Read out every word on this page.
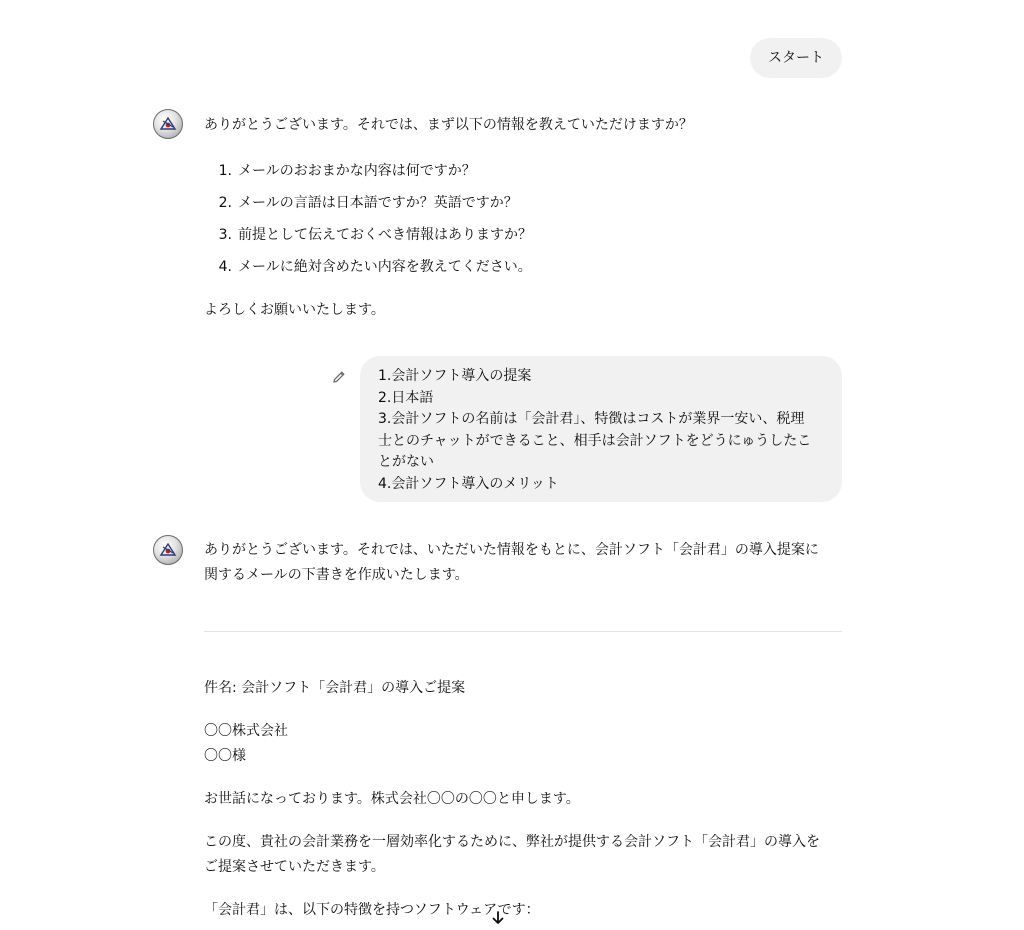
スタート

ありがとうございます。それでは、まず以下の情報を教えていただけますか？

1. メールのおおまかな内容は何ですか？
2. メールの言語は日本語ですか？英語ですか？
3. 前提として伝えておくべき情報はありますか？
4. メールに絶対含めたい内容を教えてください。

よろしくお願いいたします。

1.会計ソフト導入の提案
2.日本語
3.会計ソフトの名前は「会計君」、特徴はコストが業界一安い、税理
士とのチャットができること、相手は会計ソフトをどうにゅうしたこ
とがない
4.会計ソフト導入のメリット
ありがとうございます。それでは、いただいた情報をもとに、会計ソフト「会計君」の導入提案に
関するメールの下書きを作成いたします。
件名: 会計ソフト「会計君」の導入ご提案
〇〇株式会社
〇〇様
お世話になっております。株式会社〇〇の〇〇と申します。
この度、貴社の会計業務を一層効率化するために、弊社が提供する会計ソフト「会計君」の導入を
ご提案させていただきます。
「会計君」は、以下の特徴を持つソフトウェアです：
